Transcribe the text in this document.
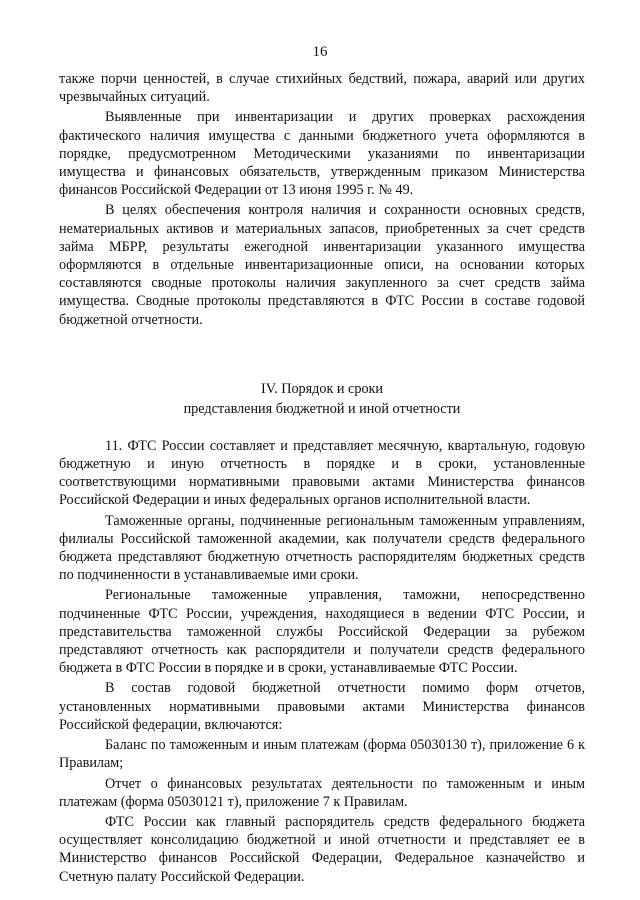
16

также порчи ценностей, в случае стихийных бедствий, пожара, аварий или других чрезвычайных ситуаций.

Выявленные при инвентаризации и других проверках расхождения фактического наличия имущества с данными бюджетного учета оформляются в порядке, предусмотренном Методическими указаниями по инвентаризации имущества и финансовых обязательств, утвержденным приказом Министерства финансов Российской Федерации от 13 июня 1995 г. № 49.

В целях обеспечения контроля наличия и сохранности основных средств, нематериальных активов и материальных запасов, приобретенных за счет средств займа МБРР, результаты ежегодной инвентаризации указанного имущества оформляются в отдельные инвентаризационные описи, на основании которых составляются сводные протоколы наличия закупленного за счет средств займа имущества. Сводные протоколы представляются в ФТС России в составе годовой бюджетной отчетности.

IV. Порядок и сроки
представления бюджетной и иной отчетности

11. ФТС России составляет и представляет месячную, квартальную, годовую бюджетную и иную отчетность в порядке и в сроки, установленные соответствующими нормативными правовыми актами Министерства финансов Российской Федерации и иных федеральных органов исполнительной власти.

Таможенные органы, подчиненные региональным таможенным управлениям, филиалы Российской таможенной академии, как получатели средств федерального бюджета представляют бюджетную отчетность распорядителям бюджетных средств по подчиненности в устанавливаемые ими сроки.

Региональные таможенные управления, таможни, непосредственно подчиненные ФТС России, учреждения, находящиеся в ведении ФТС России, и представительства таможенной службы Российской Федерации за рубежом представляют отчетность как распорядители и получатели средств федерального бюджета в ФТС России в порядке и в сроки, устанавливаемые ФТС России.

В состав годовой бюджетной отчетности помимо форм отчетов, установленных нормативными правовыми актами Министерства финансов Российской федерации, включаются:

Баланс по таможенным и иным платежам (форма 05030130 т), приложение 6 к Правилам;

Отчет о финансовых результатах деятельности по таможенным и иным платежам (форма 05030121 т), приложение 7 к Правилам.

ФТС России как главный распорядитель средств федерального бюджета осуществляет консолидацию бюджетной и иной отчетности и представляет ее в Министерство финансов Российской Федерации, Федеральное казначейство и Счетную палату Российской Федерации.
